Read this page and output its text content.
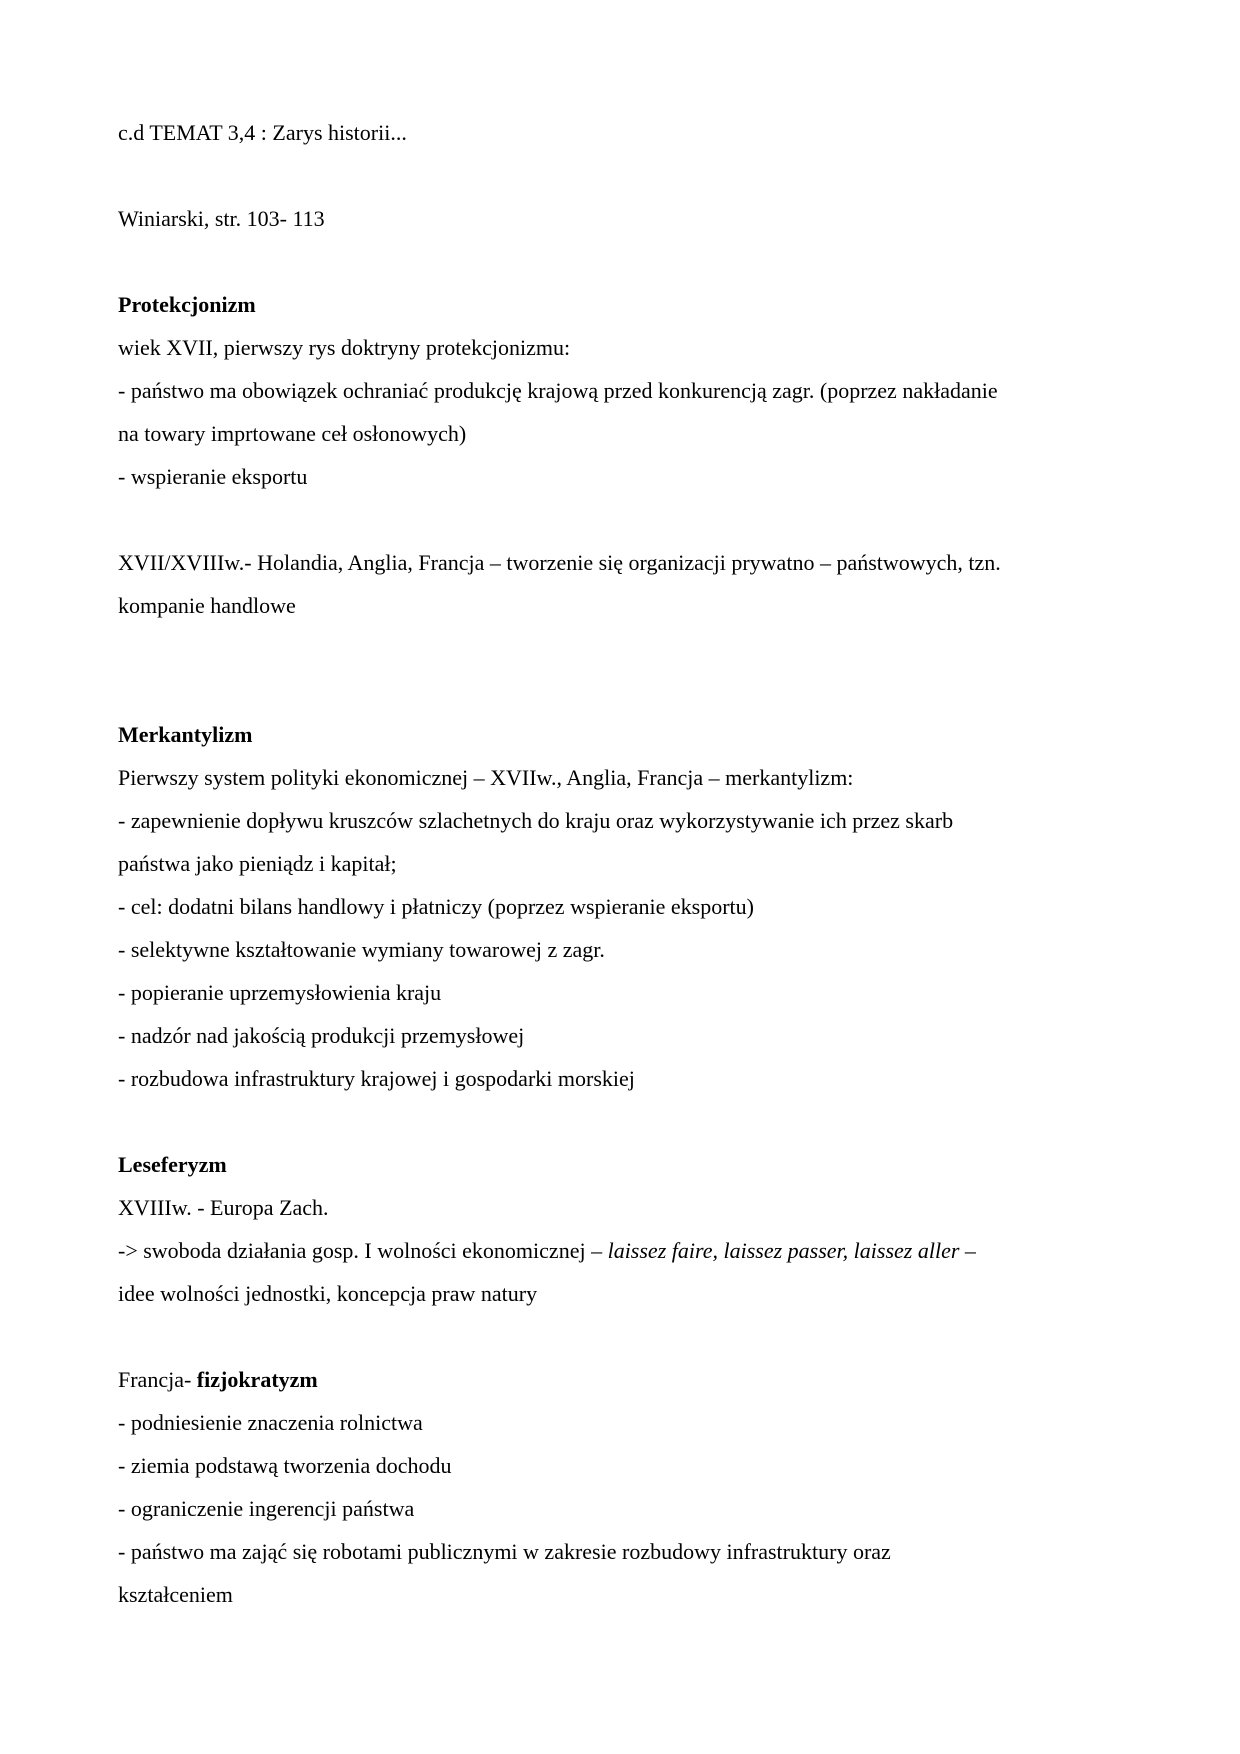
c.d TEMAT 3,4 : Zarys historii...
Winiarski, str. 103- 113
Protekcjonizm
wiek XVII, pierwszy rys doktryny protekcjonizmu:
- państwo ma obowiązek ochraniać produkcję krajową przed konkurencją zagr. (poprzez nakładanie
na towary imprtowane ceł osłonowych)
- wspieranie eksportu
XVII/XVIIIw.- Holandia, Anglia, Francja – tworzenie się organizacji prywatno – państwowych, tzn.
kompanie handlowe
Merkantylizm
Pierwszy system polityki ekonomicznej – XVIIw., Anglia, Francja – merkantylizm:
- zapewnienie dopływu kruszców szlachetnych do kraju oraz wykorzystywanie ich przez skarb
państwa jako pieniądz i kapitał;
- cel: dodatni bilans handlowy i płatniczy (poprzez wspieranie eksportu)
- selektywne kształtowanie wymiany towarowej z zagr.
- popieranie uprzemysłowienia kraju
- nadzór nad jakością produkcji przemysłowej
- rozbudowa infrastruktury krajowej i gospodarki morskiej
Leseferyzm
XVIIIw. - Europa Zach.
-> swoboda działania gosp. I wolności ekonomicznej – laissez faire, laissez passer, laissez aller –
idee wolności jednostki, koncepcja praw natury
Francja- fizjokratyzm
- podniesienie znaczenia rolnictwa
- ziemia podstawą tworzenia dochodu
- ograniczenie ingerencji państwa
- państwo ma zająć się robotami publicznymi w zakresie rozbudowy infrastruktury oraz
kształceniem
